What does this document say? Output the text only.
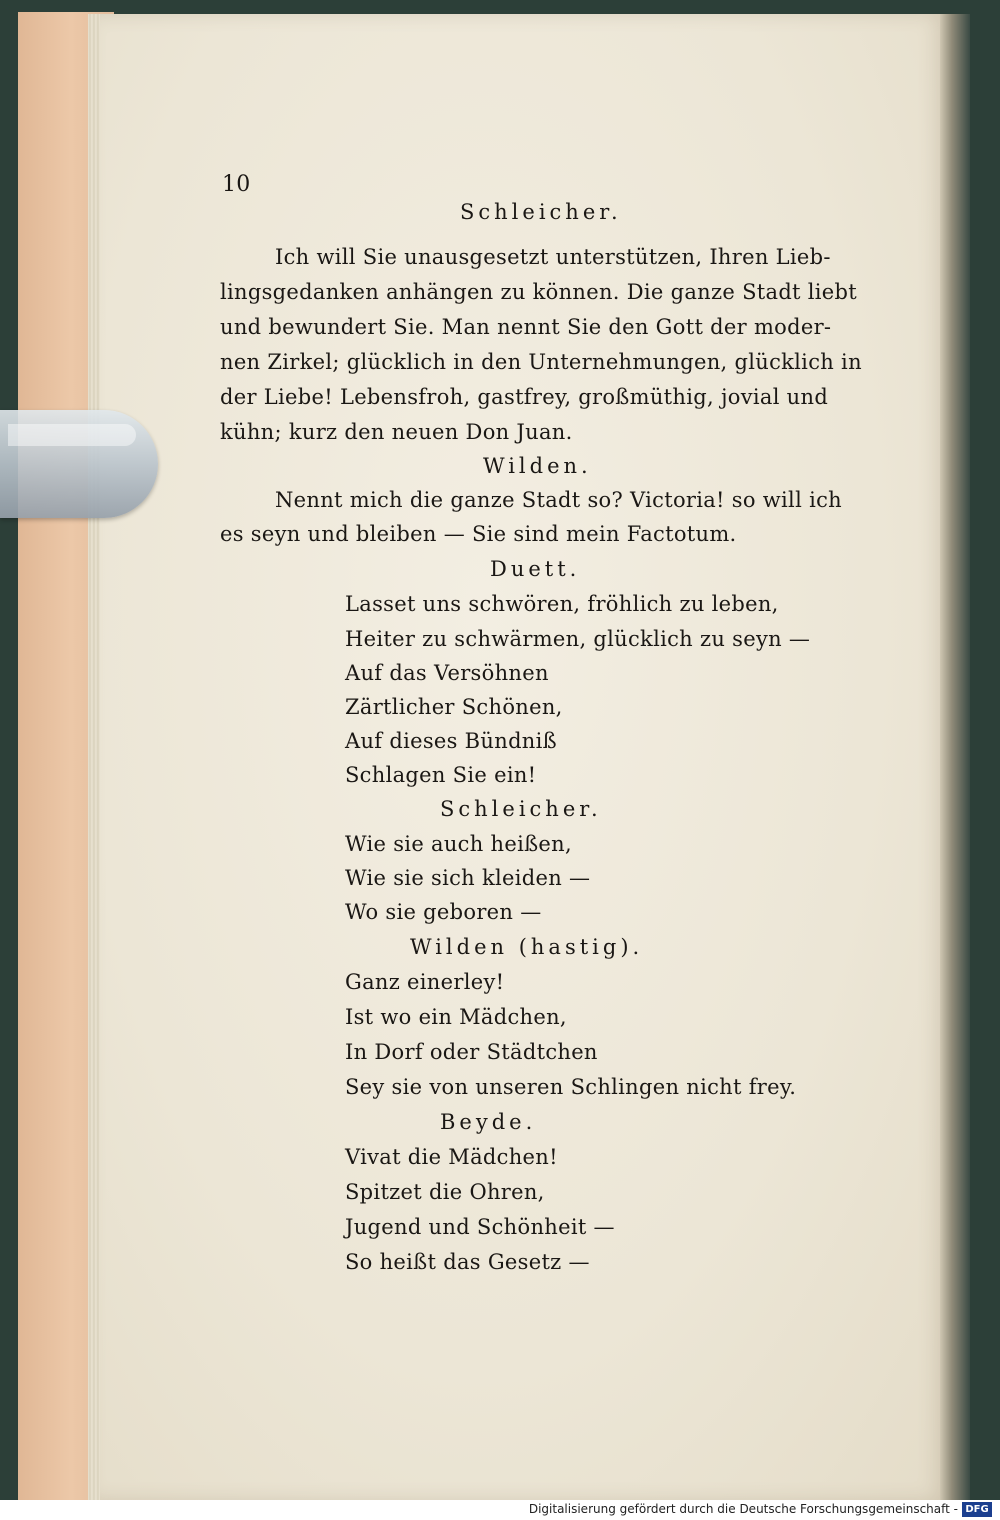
10
Schleicher.
Ich will Sie unausgesetzt unterstützen, Ihren Lieb-
lingsgedanken anhängen zu können. Die ganze Stadt liebt
und bewundert Sie. Man nennt Sie den Gott der moder-
nen Zirkel; glücklich in den Unternehmungen, glücklich in
der Liebe! Lebensfroh, gastfrey, großmüthig, jovial und
kühn; kurz den neuen Don Juan.
Wilden.
Nennt mich die ganze Stadt so? Victoria! so will ich
es seyn und bleiben — Sie sind mein Factotum.
Duett.
Lasset uns schwören, fröhlich zu leben,
Heiter zu schwärmen, glücklich zu seyn —
Auf das Versöhnen
Zärtlicher Schönen,
Auf dieses Bündniß
Schlagen Sie ein!
Schleicher.
Wie sie auch heißen,
Wie sie sich kleiden —
Wo sie geboren —
Wilden (hastig).
Ganz einerley!
Ist wo ein Mädchen,
In Dorf oder Städtchen
Sey sie von unseren Schlingen nicht frey.
Beyde.
Vivat die Mädchen!
Spitzet die Ohren,
Jugend und Schönheit —
So heißt das Gesetz —
Digitalisierung gefördert durch die Deutsche Forschungsgemeinschaft - DFG
